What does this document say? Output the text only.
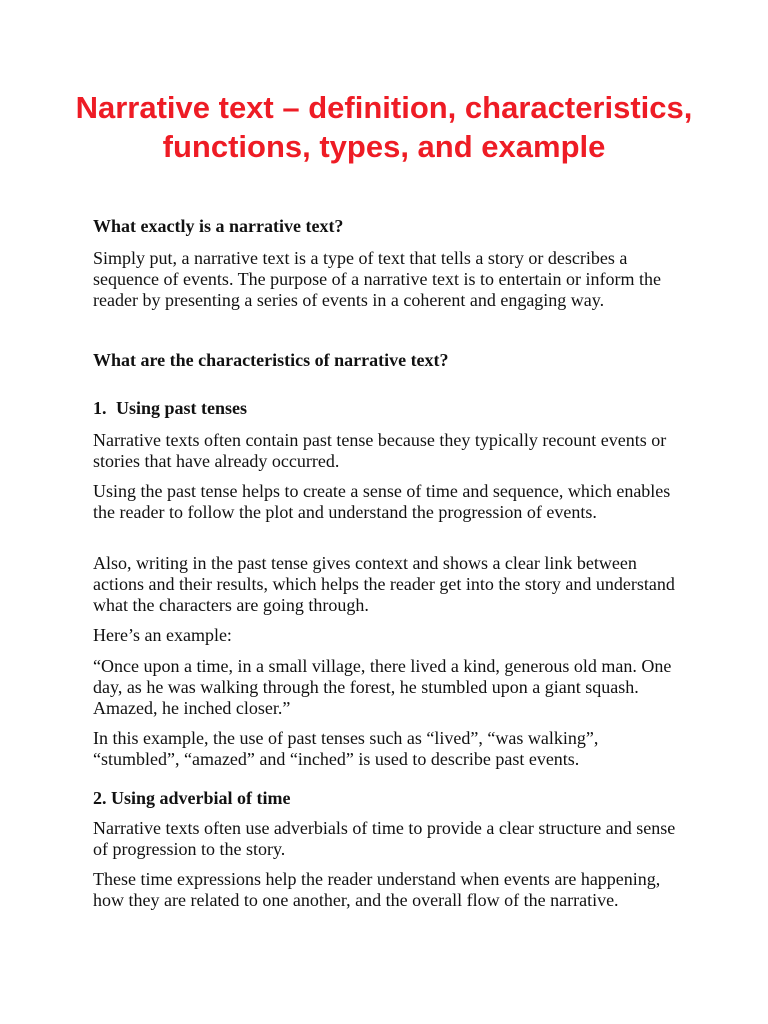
Narrative text – definition, characteristics, functions, types, and example

What exactly is a narrative text?

Simply put, a narrative text is a type of text that tells a story or describes a sequence of events. The purpose of a narrative text is to entertain or inform the reader by presenting a series of events in a coherent and engaging way.

What are the characteristics of narrative text?

1. Using past tenses

Narrative texts often contain past tense because they typically recount events or stories that have already occurred.

Using the past tense helps to create a sense of time and sequence, which enables the reader to follow the plot and understand the progression of events.

Also, writing in the past tense gives context and shows a clear link between actions and their results, which helps the reader get into the story and understand what the characters are going through.

Here’s an example:

“Once upon a time, in a small village, there lived a kind, generous old man. One day, as he was walking through the forest, he stumbled upon a giant squash. Amazed, he inched closer.”

In this example, the use of past tenses such as “lived”, “was walking”, “stumbled”, “amazed” and “inched” is used to describe past events.

2. Using adverbial of time

Narrative texts often use adverbials of time to provide a clear structure and sense of progression to the story.

These time expressions help the reader understand when events are happening, how they are related to one another, and the overall flow of the narrative.
